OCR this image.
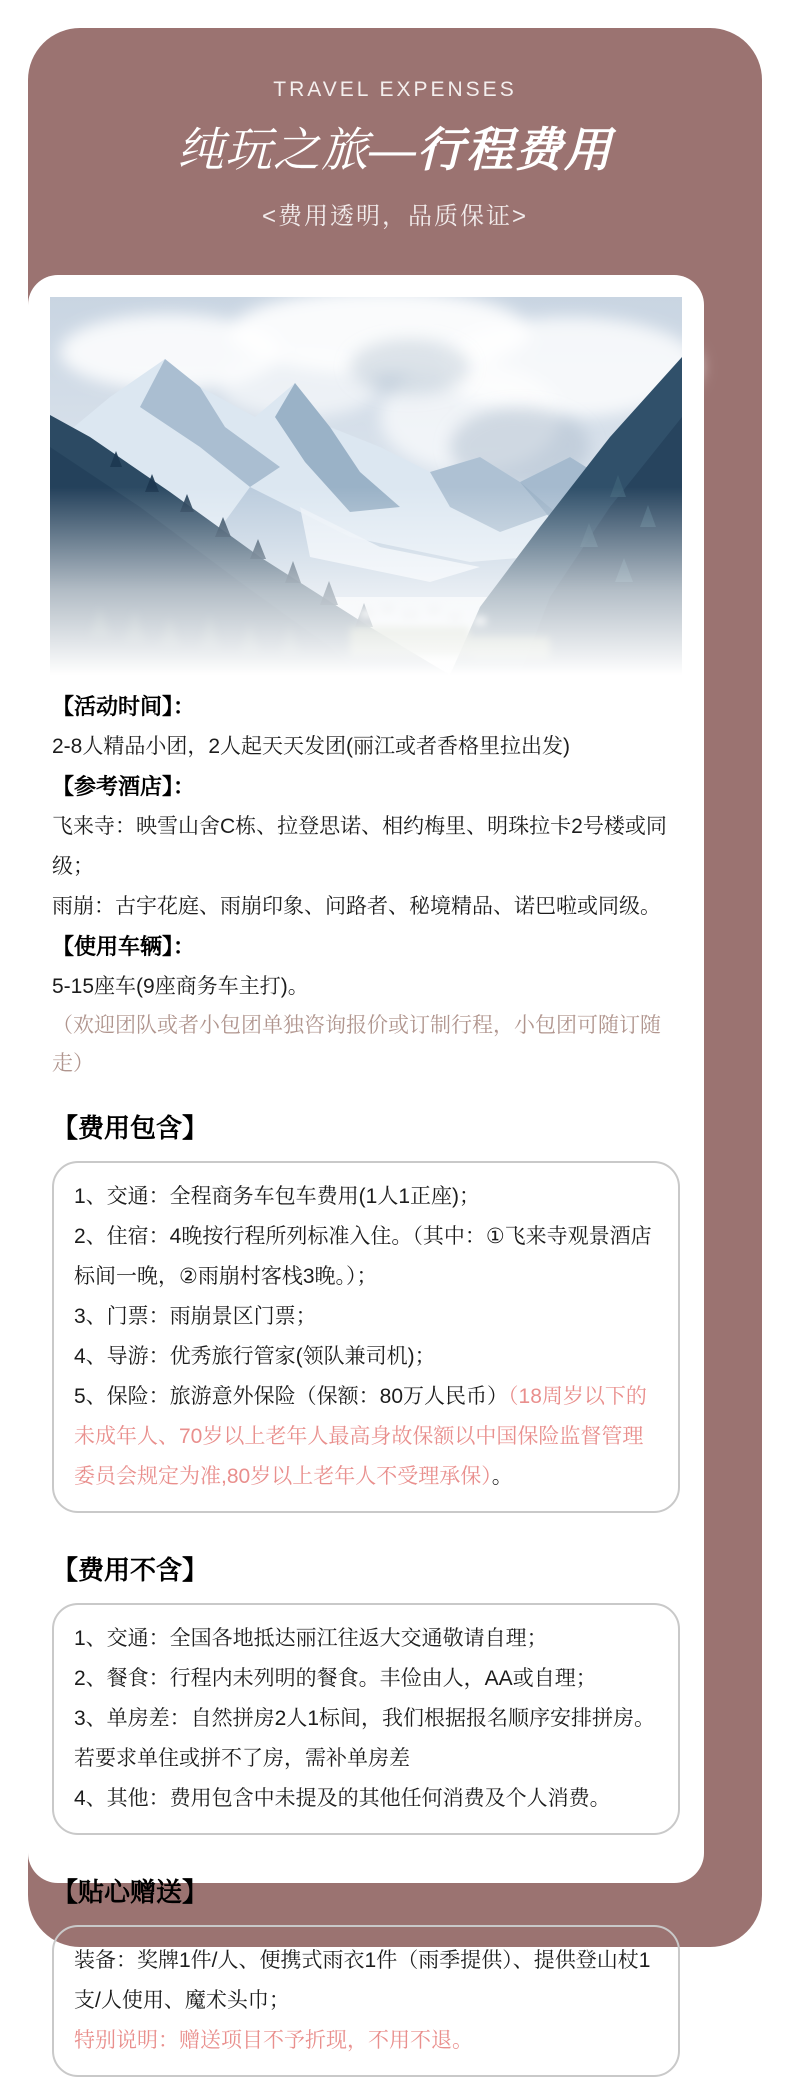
TRAVEL EXPENSES
纯玩之旅—行程费用
<费用透明，品质保证>
【活动时间】：
2-8人精品小团，2人起天天发团(丽江或者香格里拉出发)
【参考酒店】：
飞来寺：映雪山舍C栋、拉登思诺、相约梅里、明珠拉卡2号楼或同级；
雨崩：古宇花庭、雨崩印象、问路者、秘境精品、诺巴啦或同级。
【使用车辆】：
5-15座车(9座商务车主打)。
（欢迎团队或者小包团单独咨询报价或订制行程，小包团可随订随走）
【费用包含】
1、交通：全程商务车包车费用(1人1正座)；
2、住宿：4晚按行程所列标准入住。（其中：①飞来寺观景酒店标间一晚，②雨崩村客栈3晚。）；
3、门票：雨崩景区门票；
4、导游：优秀旅行管家(领队兼司机)；
5、保险：旅游意外保险（保额：80万人民币）（18周岁以下的未成年人、70岁以上老年人最高身故保额以中国保险监督管理委员会规定为准,80岁以上老年人不受理承保）。
【费用不含】
1、交通：全国各地抵达丽江往返大交通敬请自理；
2、餐食：行程内未列明的餐食。丰俭由人，AA或自理；
3、单房差：自然拼房2人1标间，我们根据报名顺序安排拼房。若要求单住或拼不了房，需补单房差
4、其他：费用包含中未提及的其他任何消费及个人消费。
【贴心赠送】
装备：奖牌1件/人、便携式雨衣1件（雨季提供）、提供登山杖1支/人使用、魔术头巾；
特别说明：赠送项目不予折现，不用不退。
